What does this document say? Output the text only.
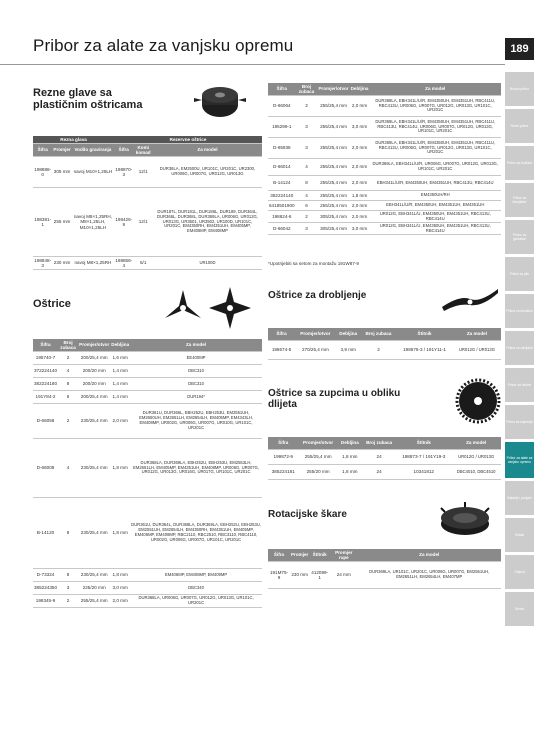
Pribor za alate za vanjsku opremu	189
Brusni pribor
Rezni pribor
Pribor za bušilice
Pribor za blanjalice
Pribor za glodalice
Pribor za pile
Pribor za brusilice
Pribor za odvijače
Pribor za čekiće
Pribor za mjerenje
Pribor za alate za vanjsku opremu
Baterije i punjači
Ostalo
Odjeća
Servis
Rezne glave sa plastičnim oštricama
Rezna glava			Rezervne oštrice		
Šifra	Promjer	Vodilo graviranja	Šifra	Komi komad	Za model
198888-0	305 mm	navoj M10×1,25LH	198870-3	12/1	DUR36LA, EM2500U, UR101C, UR201C, UR2300, UR006G, UR007G, UR012G, UR013G
198381-1	255 mm	navoj M8×1,25RH, M8×1,25LH, M10×1,25LH	198426-9	12/1	DUR187L, DUR181L, DUR188L, DUR189, DUR364L, DUR366L, DUR368L, DUR369LA, UR006G, UR012G, UR013G, UR3501, UR3502, UR100D, UR101C, UR201C, EM4350RH, EM4351UH, EM405MP, EM406MP, EM408MP
198848-3	230 mm	navoj M8×1,25RH	198856-4	5/1	UR100D
Oštrice
Šifra	Broj zubaca	Promjer/otvor	Debljina	Za model
195740-7	2	200/25,4 mm	1,6 mm	EE400MP
372224140	4	200/20 mm	1,4 mm	DBC310
382224180	8	200/20 mm	1,4 mm	DBC310
191Y84-2	6	200/25,4 mm	1,4 mm	DUR194*
D-66058	2	230/25,4 mm	2,0 mm	DUR361U, DUR366L, EBH252U, EBH253U, EM2551UH, EM2650UH, EM2651LH, EM2654LH, EM405MP, EM4343LH, EM408MP, UR002G, UR006G, UR007G, UR010G, UR101C, UR201C
D-66008	4	230/25,4 mm	1,8 mm	DUR368LA, DUR369LA, EBH252U, EBH253U, EM2553LH, EM2651LH, EM405MP, EM4351UH, EM408MP, UR006G, UR007G, UR012G, UR013G, UR016G, UR017G, UR101C, UR201C
B-14120	8	230/25,4 mm	1,8 mm	DUR361U, DUR364L, DUR368LA, DUR369LA, EBH252U, EBH253U, EM2551UH, EM2654LH, EM4350RH, EM4351UH, EM405MP, EM406MP, EM408MP, RBC2110, RBC2510, RBC3110, RBC4110, UR002G, UR006G, UR007G, UR101C, UR201C
D-73324	8	230/25,4 mm	1,8 mm	EM406MP, EM408MP, EM409MP
385224350	3	225/20 mm	3,0 mm	DBC340
198345-9	2	255/25,4 mm	2,0 mm	DUR368LA, UR006G, UR007G, UR012G, UR013G, UR101C, UR201C
Šifra	Broj zubaca	Promjer/otvor	Debljina	Za model
D-66064	2	255/25,4 mm	2,0 mm	DUR369LA, EBH341L/U/R, EM4350UH, EM4351UH, RBC411U, RBC413U, UR006G, UR007G, UR012G, UR013G, UR101C, UR201C
195299-1	3	255/25,4 mm	3,0 mm	DUR369LA, EBH341L/U/R, EM4350UH, EM4351UH, RBC411U, RBC413U, RBC414U, UR006G, UR007G, UR012G, UR013G, UR101C, UR201C
D-65938	3	255/25,4 mm	2,0 mm	DUR369LA, EBH341L/U/R, EM4350UH, EM4351UH, RBC411U, RBC413U, UR006G, UR007G, UR012G, UR013G, UR101C, UR201C
D-66014	4	255/25,4 mm	2,0 mm	DUR369LA, EBH341L/U/R, UR006G, UR007G, UR012G, UR013G, UR101C, UR201C
B-14124	8	255/25,4 mm	2,0 mm	EBH341L/U/R, EM4350UH, EM4351UH, RBC413U, RBC414U
382224140	4	255/25,4 mm	1,8 mm	EM4350UH/RH
6418501900	6	255/25,4 mm	2,0 mm	EBH341L/U/R, EM4350UH, EM4351UH, EM4351UH
198624-6	2	305/25,4 mm	2,0 mm	UR012G, EBH341L/U, EM4350UH, EM4351UH, RBC413U, RBC414U
D-66042	3	305/25,4 mm	3,0 mm	UR012G, EBH341L/U, EM4350UH, EM4351UH, RBC413U, RBC414U
*Upotrijebiti sa setom za montažu 191W87-9
Oštrice za drobljenje
Šifra	Promjer/otvor	Debljina	Broj zubaca	Štitnik	Za model
198674-5	270/25,4 mm	3,9 mm	2	198675-3 / 191Y11-1	UR012G / UR013G
Oštrice sa zupcima u obliku dlijeta
Šifra	Promjer/otvor	Debljina	Broj zubaca	Štitnik	Za model
199872-9	255/25,4 mm	1,8 mm	24	198873-7 / 191Y19-3	UR012G / UR013G
385224181	255/20 mm	1,8 mm	24	10341812	DBC4010, DBC4510
Rotacijske škare
Šifra	Promjer	Štitnik	Promjer rupe	Za model
191M75-9	230 mm	412099-1	24 mm	DUR369LA, UR101C, UR201C, UR006G, UR007G, EM2551UH, EM2651LH, EM2654LH, EM407MP
